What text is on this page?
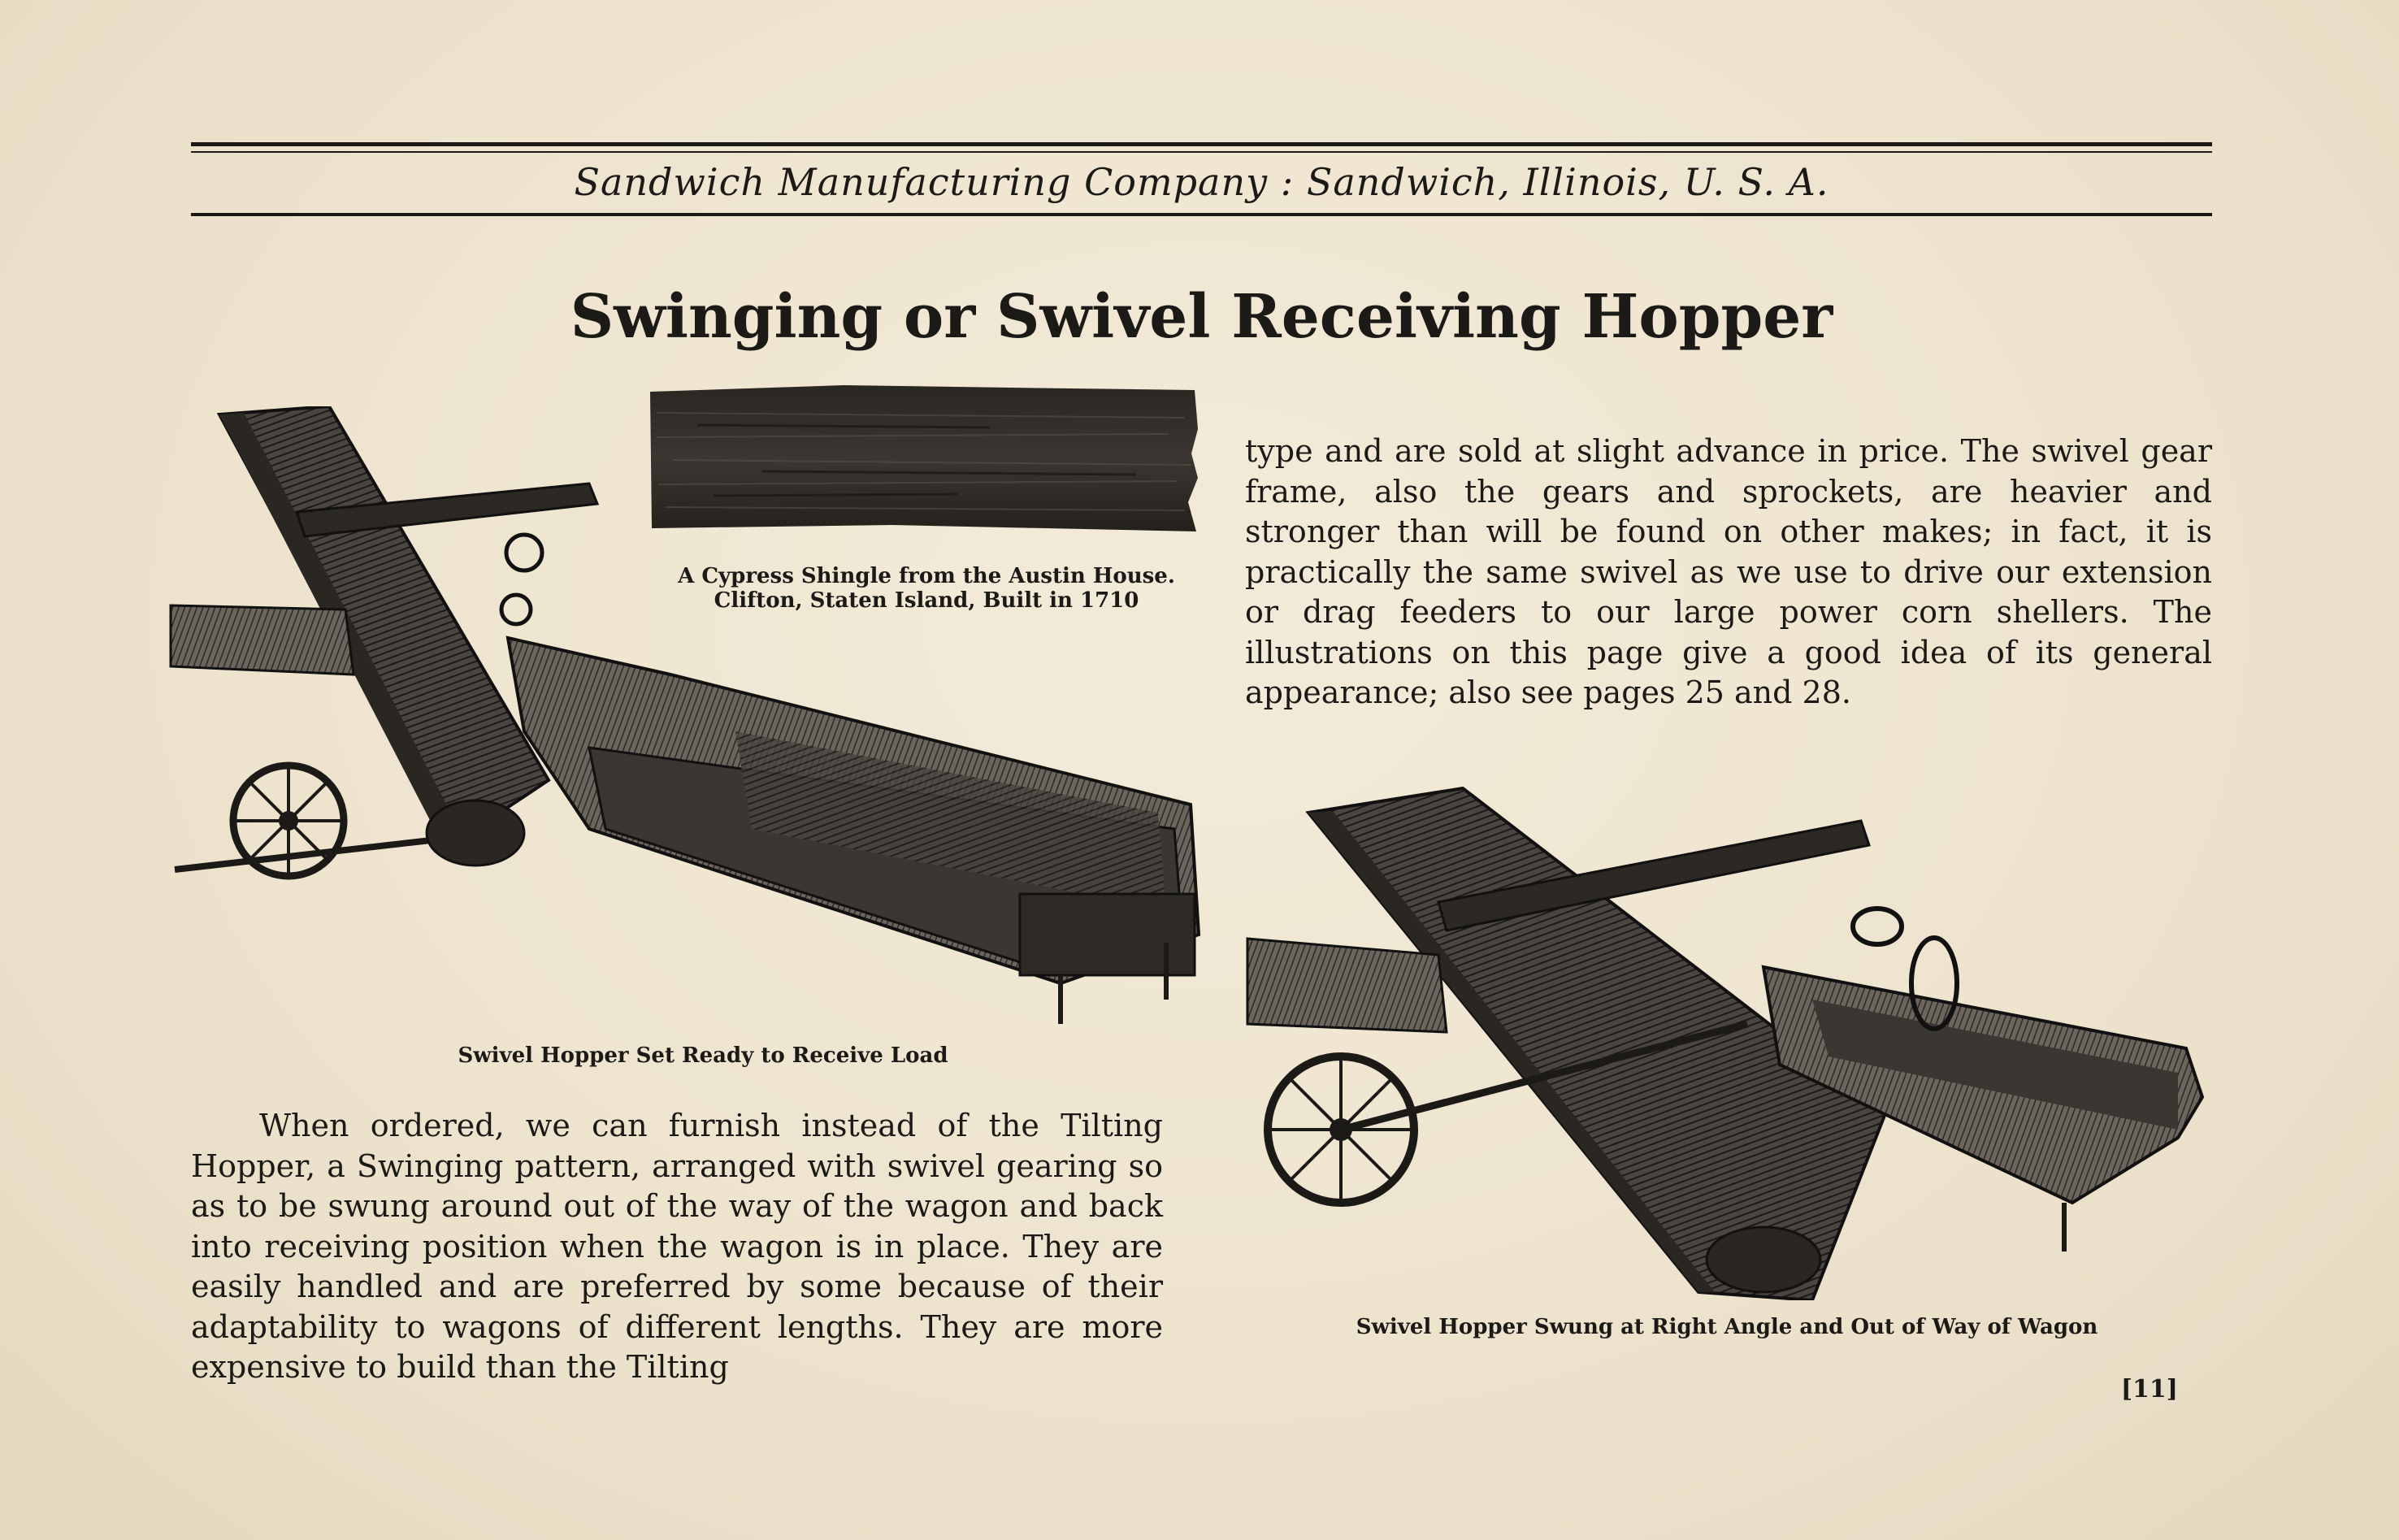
Sandwich Manufacturing Company : Sandwich, Illinois, U. S. A.
Swinging or Swivel Receiving Hopper
A Cypress Shingle from the Austin House.
Clifton, Staten Island, Built in 1710
Swivel Hopper Set Ready to Receive Load
Swivel Hopper Swung at Right Angle and Out of Way of Wagon
type and are sold at slight advance in price. The swivel gear frame, also the gears and sprockets, are heavier and stronger than will be found on other makes; in fact, it is practically the same swivel as we use to drive our extension or drag feeders to our large power corn shellers. The illustrations on this page give a good idea of its general appearance; also see pages 25 and 28.
When ordered, we can furnish instead of the Tilting Hopper, a Swinging pattern, arranged with swivel gearing so as to be swung around out of the way of the wagon and back into receiving position when the wagon is in place. They are easily handled and are preferred by some because of their adaptability to wagons of different lengths. They are more expensive to build than the Tilting
[11]
